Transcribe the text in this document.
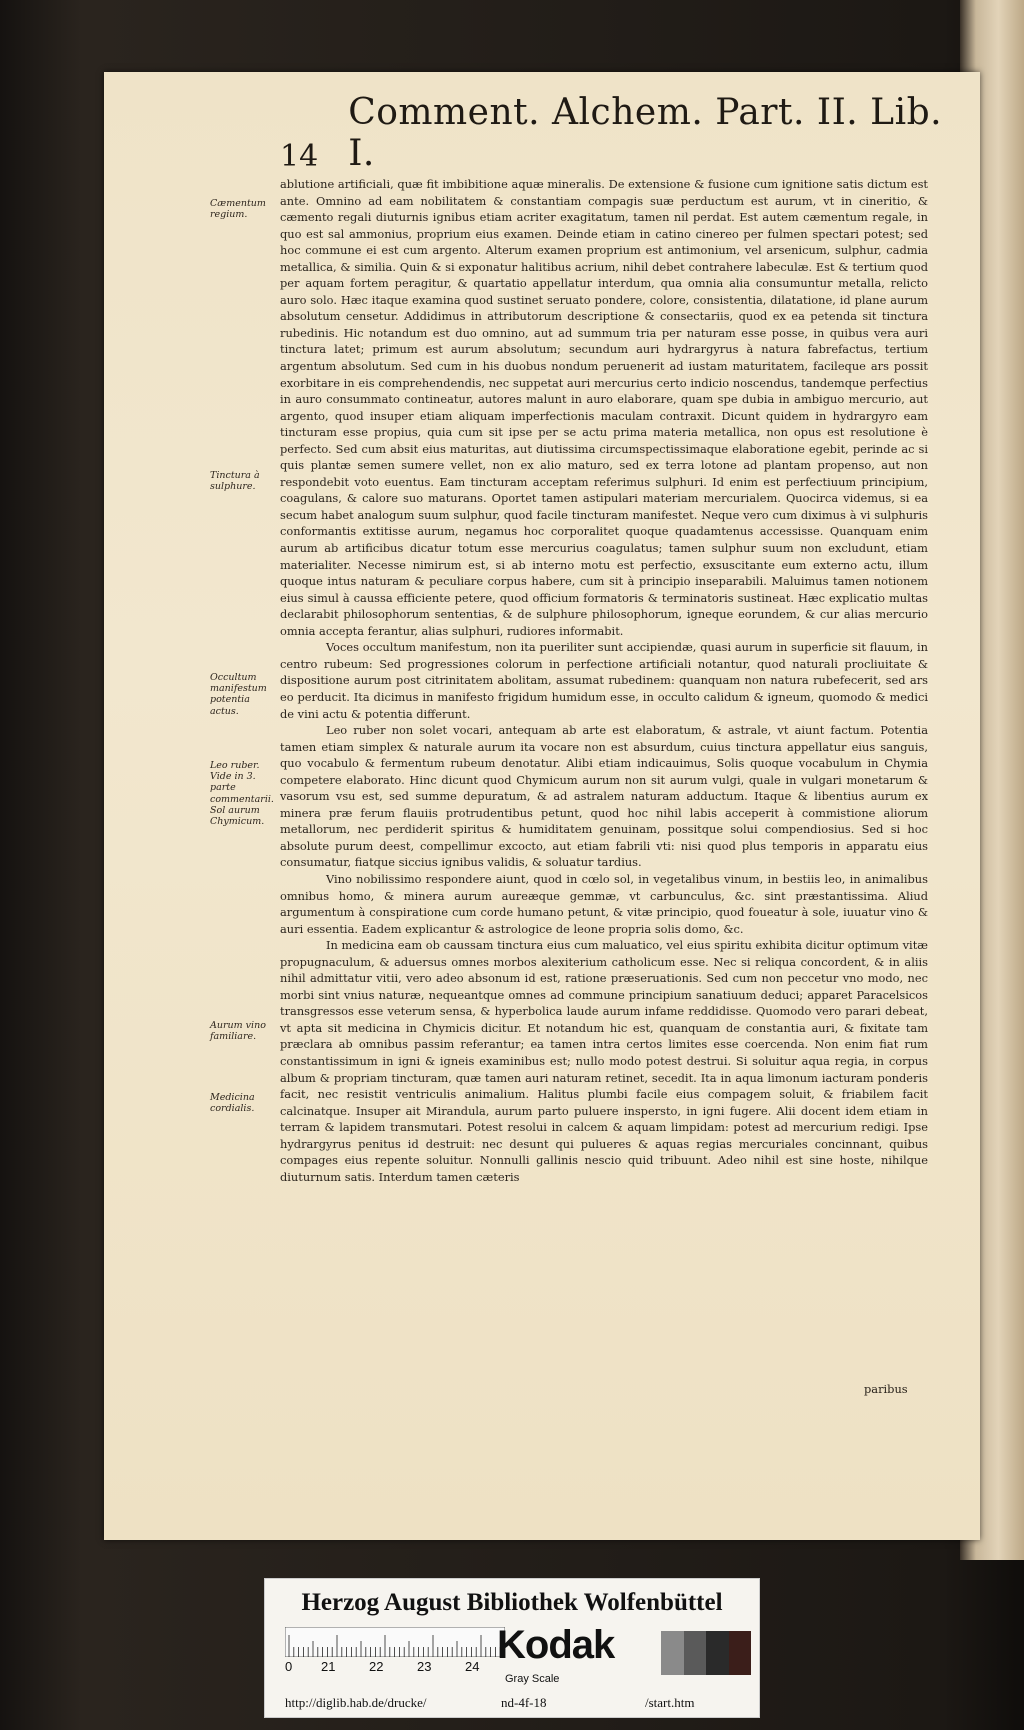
14
Comment. Alchem. Part. II. Lib. I.
Cæmentum regium.
Tinctura à sulphure.
Occultum manifestum potentia actus.
Leo ruber. Vide in 3. parte commentarii. Sol aurum Chymicum.
Aurum vino familiare.
Medicina cordialis.

ablutione artificiali, quæ fit imbibitione aquæ mineralis. De extensione & fusione cum ignitione satis dictum est ante. Omnino ad eam nobilitatem & constantiam compagis suæ perductum est aurum, vt in cineritio, & cæmento regali diuturnis ignibus etiam acriter exagitatum, tamen nil perdat. Est autem cæmentum regale, in quo est sal ammonius, proprium eius examen. Deinde etiam in catino cinereo per fulmen spectari potest; sed hoc commune ei est cum argento. Alterum examen proprium est antimonium, vel arsenicum, sulphur, cadmia metallica, & similia. Quin & si exponatur halitibus acrium, nihil debet contrahere labeculæ. Est & tertium quod per aquam fortem peragitur, & quartatio appellatur interdum, qua omnia alia consumuntur metalla, relicto auro solo. Hæc itaque examina quod sustinet seruato pondere, colore, consistentia, dilatatione, id plane aurum absolutum censetur. Addidimus in attributorum descriptione & consectariis, quod ex ea petenda sit tinctura rubedinis. Hic notandum est duo omnino, aut ad summum tria per naturam esse posse, in quibus vera auri tinctura latet; primum est aurum absolutum; secundum auri hydrargyrus à natura fabrefactus, tertium argentum absolutum. Sed cum in his duobus nondum peruenerit ad iustam maturitatem, facileque ars possit exorbitare in eis comprehendendis, nec suppetat auri mercurius certo indicio noscendus, tandemque perfectius in auro consummato contineatur, autores malunt in auro elaborare, quam spe dubia in ambiguo mercurio, aut argento, quod insuper etiam aliquam imperfectionis maculam contraxit. Dicunt quidem in hydrargyro eam tincturam esse propius, quia cum sit ipse per se actu prima materia metallica, non opus est resolutione è perfecto. Sed cum absit eius maturitas, aut diutissima circumspectissimaque elaboratione egebit, perinde ac si quis plantæ semen sumere vellet, non ex alio maturo, sed ex terra lotone ad plantam propenso, aut non respondebit voto euentus. Eam tincturam acceptam referimus sulphuri. Id enim est perfectiuum principium, coagulans, & calore suo maturans. Oportet tamen astipulari materiam mercurialem. Quocirca videmus, si ea secum habet analogum suum sulphur, quod facile tincturam manifestet. Neque vero cum diximus à vi sulphuris conformantis extitisse aurum, negamus hoc corporalitet quoque quadamtenus accessisse. Quanquam enim aurum ab artificibus dicatur totum esse mercurius coagulatus; tamen sulphur suum non excludunt, etiam materialiter. Necesse nimirum est, si ab interno motu est perfectio, exsuscitante eum externo actu, illum quoque intus naturam & peculiare corpus habere, cum sit à principio inseparabili. Maluimus tamen notionem eius simul à caussa efficiente petere, quod officium formatoris & terminatoris sustineat. Hæc explicatio multas declarabit philosophorum sententias, & de sulphure philosophorum, igneque eorundem, & cur alias mercurio omnia accepta ferantur, alias sulphuri, rudiores informabit.

Voces occultum manifestum, non ita pueriliter sunt accipiendæ, quasi aurum in superficie sit flauum, in centro rubeum: Sed progressiones colorum in perfectione artificiali notantur, quod naturali procliuitate & dispositione aurum post citrinitatem abolitam, assumat rubedinem: quanquam non natura rubefecerit, sed ars eo perducit. Ita dicimus in manifesto frigidum humidum esse, in occulto calidum & igneum, quomodo & medici de vini actu & potentia differunt.

Leo ruber non solet vocari, antequam ab arte est elaboratum, & astrale, vt aiunt factum. Potentia tamen etiam simplex & naturale aurum ita vocare non est absurdum, cuius tinctura appellatur eius sanguis, quo vocabulo & fermentum rubeum denotatur. Alibi etiam indicauimus, Solis quoque vocabulum in Chymia competere elaborato. Hinc dicunt quod Chymicum aurum non sit aurum vulgi, quale in vulgari monetarum & vasorum vsu est, sed summe depuratum, & ad astralem naturam adductum. Itaque & libentius aurum ex minera præ ferum flauiis protrudentibus petunt, quod hoc nihil labis acceperit à commistione aliorum metallorum, nec perdiderit spiritus & humiditatem genuinam, possitque solui compendiosius. Sed si hoc absolute purum deest, compellimur excocto, aut etiam fabrili vti: nisi quod plus temporis in apparatu eius consumatur, fiatque siccius ignibus validis, & soluatur tardius.

Vino nobilissimo respondere aiunt, quod in cœlo sol, in vegetalibus vinum, in bestiis leo, in animalibus omnibus homo, & minera aurum aureæque gemmæ, vt carbunculus, &c. sint præstantissima. Aliud argumentum à conspiratione cum corde humano petunt, & vitæ principio, quod foueatur à sole, iuuatur vino & auri essentia. Eadem explicantur & astrologice de leone propria solis domo, &c.

In medicina eam ob caussam tinctura eius cum maluatico, vel eius spiritu exhibita dicitur optimum vitæ propugnaculum, & aduersus omnes morbos alexiterium catholicum esse. Nec si reliqua concordent, & in aliis nihil admittatur vitii, vero adeo absonum id est, ratione præseruationis. Sed cum non peccetur vno modo, nec morbi sint vnius naturæ, nequeantque omnes ad commune principium sanatiuum deduci; apparet Paracelsicos transgressos esse veterum sensa, & hyperbolica laude aurum infame reddidisse. Quomodo vero parari debeat, vt apta sit medicina in Chymicis dicitur. Et notandum hic est, quanquam de constantia auri, & fixitate tam præclara ab omnibus passim referantur; ea tamen intra certos limites esse coercenda. Non enim fiat rum constantissimum in igni & igneis examinibus est; nullo modo potest destrui. Si soluitur aqua regia, in corpus album & propriam tincturam, quæ tamen auri naturam retinet, secedit. Ita in aqua limonum iacturam ponderis facit, nec resistit ventriculis animalium. Halitus plumbi facile eius compagem soluit, & friabilem facit calcinatque. Insuper ait Mirandula, aurum parto puluere inspersto, in igni fugere. Alii docent idem etiam in terram & lapidem transmutari. Potest resolui in calcem & aquam limpidam: potest ad mercurium redigi. Ipse hydrargyrus penitus id destruit: nec desunt qui pulueres & aquas regias mercuriales concinnant, quibus compages eius repente soluitur. Nonnulli gallinis nescio quid tribuunt. Adeo nihil est sine hoste, nihilque diuturnum satis. Interdum tamen cæteris

paribus
Herzog August Bibliothek Wolfenbüttel
0 21	22	23	24 Kodak
Gray Scale
http://diglib.hab.de/drucke/	nd-4f-18	/start.htm
